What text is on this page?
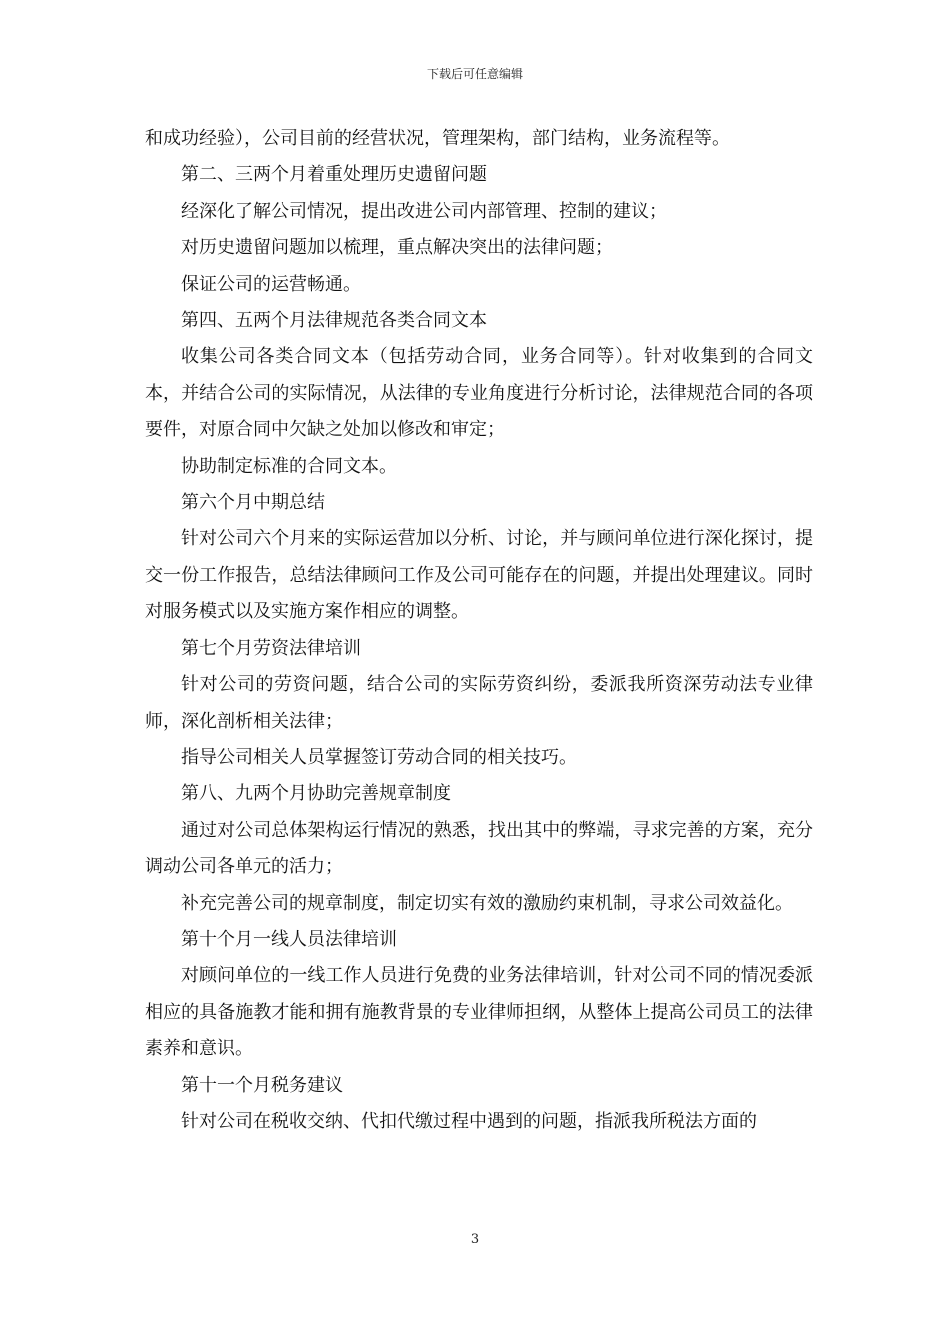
下载后可任意编辑

和成功经验），公司目前的经营状况，管理架构，部门结构，业务流程等。

第二、三两个月着重处理历史遗留问题

经深化了解公司情况，提出改进公司内部管理、控制的建议；

对历史遗留问题加以梳理，重点解决突出的法律问题；

保证公司的运营畅通。

第四、五两个月法律规范各类合同文本

收集公司各类合同文本（包括劳动合同，业务合同等）。针对收集到的合同文本，并结合公司的实际情况，从法律的专业角度进行分析讨论，法律规范合同的各项要件，对原合同中欠缺之处加以修改和审定；

协助制定标准的合同文本。

第六个月中期总结

针对公司六个月来的实际运营加以分析、讨论，并与顾问单位进行深化探讨，提交一份工作报告，总结法律顾问工作及公司可能存在的问题，并提出处理建议。同时对服务模式以及实施方案作相应的调整。

第七个月劳资法律培训

针对公司的劳资问题，结合公司的实际劳资纠纷，委派我所资深劳动法专业律师，深化剖析相关法律；

指导公司相关人员掌握签订劳动合同的相关技巧。

第八、九两个月协助完善规章制度

通过对公司总体架构运行情况的熟悉，找出其中的弊端，寻求完善的方案，充分调动公司各单元的活力；

补充完善公司的规章制度，制定切实有效的激励约束机制，寻求公司效益化。

第十个月一线人员法律培训

对顾问单位的一线工作人员进行免费的业务法律培训，针对公司不同的情况委派相应的具备施教才能和拥有施教背景的专业律师担纲，从整体上提高公司员工的法律素养和意识。

第十一个月税务建议

针对公司在税收交纳、代扣代缴过程中遇到的问题，指派我所税法方面的

3
